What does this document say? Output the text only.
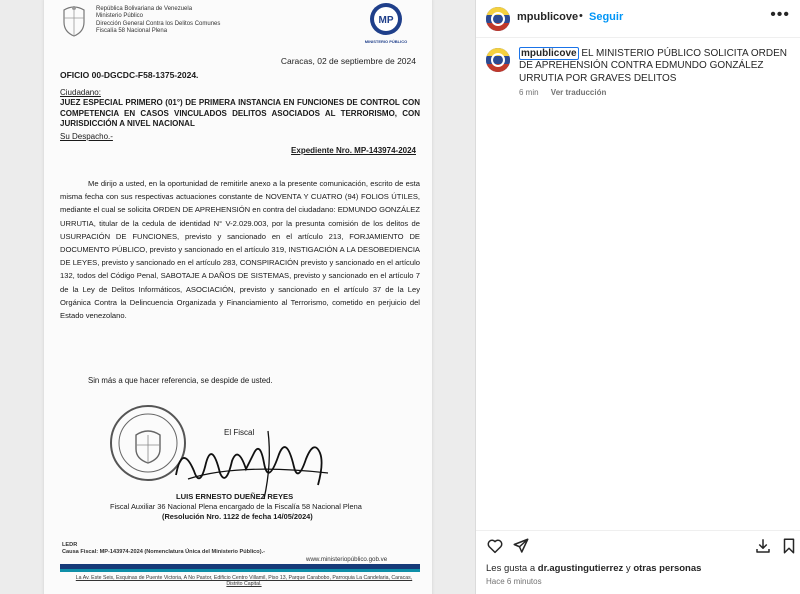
República Bolivariana de Venezuela
Ministerio Público
Dirección General Contra los Delitos Comunes
Fiscalía 58 Nacional Plena
MP
MINISTERIO PÚBLICO
Caracas, 02 de septiembre de 2024
OFICIO 00-DGCDC-F58-1375-2024.
Ciudadano:
JUEZ ESPECIAL PRIMERO (01°) DE PRIMERA INSTANCIA EN FUNCIONES DE CONTROL CON COMPETENCIA EN CASOS VINCULADOS DELITOS ASOCIADOS AL TERRORISMO, CON JURISDICCIÓN A NIVEL NACIONAL
Su Despacho.-
Expediente Nro. MP-143974-2024
Me dirijo a usted, en la oportunidad de remitirle anexo a la presente comunicación, escrito de esta misma fecha con sus respectivas actuaciones constante de NOVENTA Y CUATRO (94) FOLIOS ÚTILES, mediante el cual se solicita ORDEN DE APREHENSIÓN en contra del ciudadano: EDMUNDO GONZÁLEZ URRUTIA, titular de la cedula de identidad N° V-2.029.003, por la presunta comisión de los delitos de USURPACIÓN DE FUNCIONES, previsto y sancionado en el artículo 213, FORJAMIENTO DE DOCUMENTO PÚBLICO, previsto y sancionado en el artículo 319, INSTIGACIÓN A LA DESOBEDIENCIA DE LEYES, previsto y sancionado en el artículo 283, CONSPIRACIÓN previsto y sancionado en el artículo 132, todos del Código Penal, SABOTAJE A DAÑOS DE SISTEMAS, previsto y sancionado en el artículo 7 de la Ley de Delitos Informáticos, ASOCIACIÓN, previsto y sancionado en el artículo 37 de la Ley Orgánica Contra la Delincuencia Organizada y Financiamiento al Terrorismo, cometido en perjuicio del Estado venezolano.
Sin más a que hacer referencia, se despide de usted.
El Fiscal
LUIS ERNESTO DUEÑEZ REYES
Fiscal Auxiliar 36 Nacional Plena encargado de la Fiscalía 58 Nacional Plena
(Resolución Nro. 1122 de fecha 14/05/2024)
LEDR
Causa Fiscal: MP-143974-2024 (Nomenclatura Única del Ministerio Público).-
www.ministeriopúblico.gob.ve
La Av. Este Seis, Esquinas de Puente Victoria, A No Pastor, Edificio Centro Villamil, Piso 13, Parque Carabobo, Parroquia La Candelaria, Caracas, Distrito Capital.
mpublicove • Seguir	•••
mpublicove EL MINISTERIO PÚBLICO SOLICITA ORDEN DE APREHENSIÓN CONTRA EDMUNDO GONZÁLEZ URRUTIA POR GRAVES DELITOS
6 min Ver traducción
Les gusta a dr.agustingutierrez y otras personas
Hace 6 minutos
